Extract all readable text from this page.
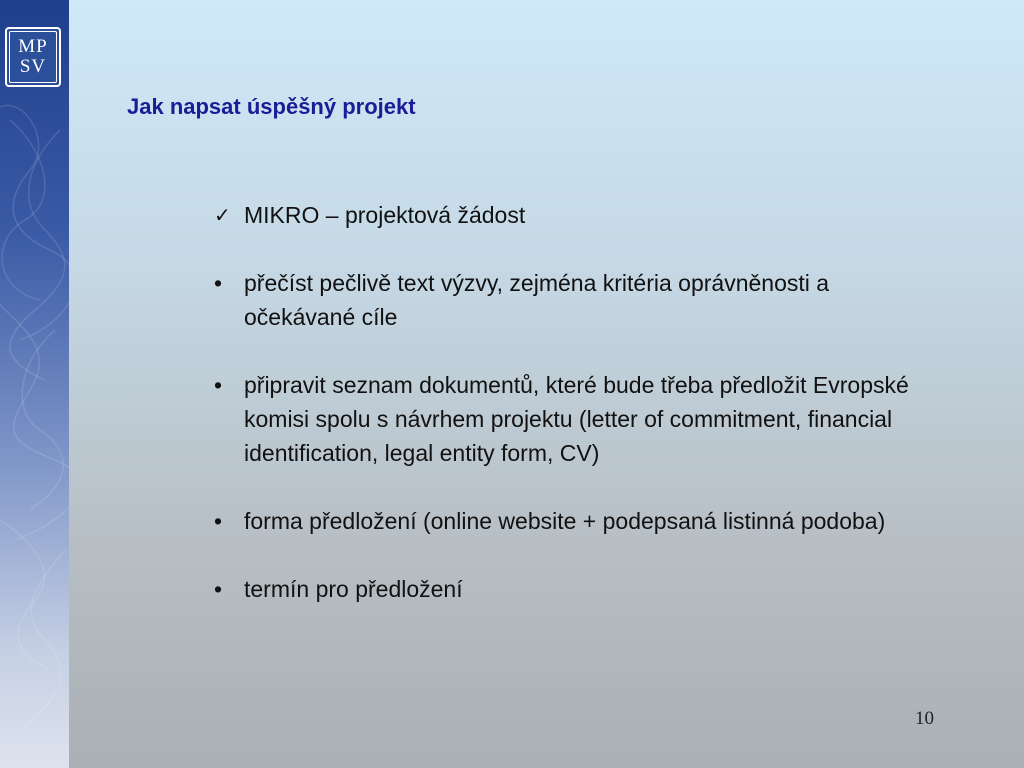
MP
SV
Jak napsat úspěšný projekt
✓ MIKRO – projektová žádost
• přečíst pečlivě text výzvy, zejména kritéria oprávněnosti a očekávané cíle
• připravit seznam dokumentů, které bude třeba předložit Evropské komisi spolu s návrhem projektu (letter of commitment, financial identification, legal entity form, CV)
• forma předložení (online website + podepsaná listinná podoba)
• termín pro předložení
10
